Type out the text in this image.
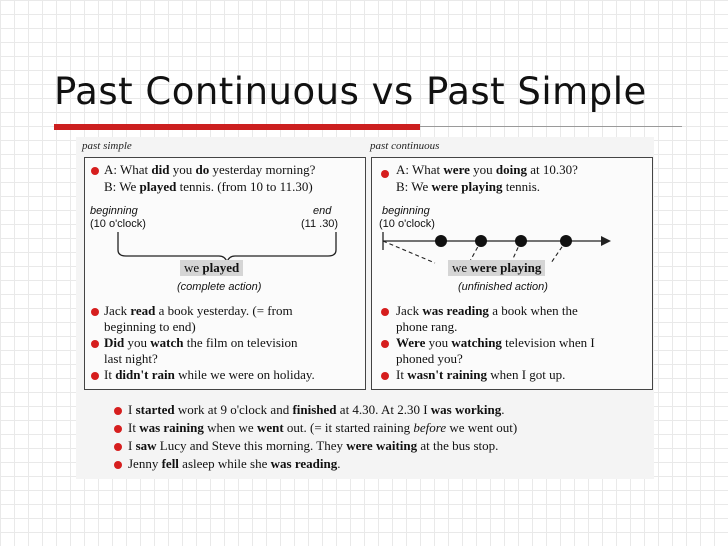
Past Continuous vs Past Simple
past simple
A: What did you do yesterday morning?
B: We played tennis. (from 10 to 11.30)
beginning
(10 o'clock)
end
(11 .30)
we played
(complete action)
Jack read a book yesterday. (= from
beginning to end)
Did you watch the film on television
last night?
It didn't rain while we were on holiday.
past continuous
A: What were you doing at 10.30?
B: We were playing tennis.
beginning
(10 o'clock)
we were playing
(unfinished action)
Jack was reading a book when the
phone rang.
Were you watching television when I
phoned you?
It wasn't raining when I got up.
I started work at 9 o'clock and finished at 4.30. At 2.30 I was working.
It was raining when we went out. (= it started raining before we went out)
I saw Lucy and Steve this morning. They were waiting at the bus stop.
Jenny fell asleep while she was reading.
